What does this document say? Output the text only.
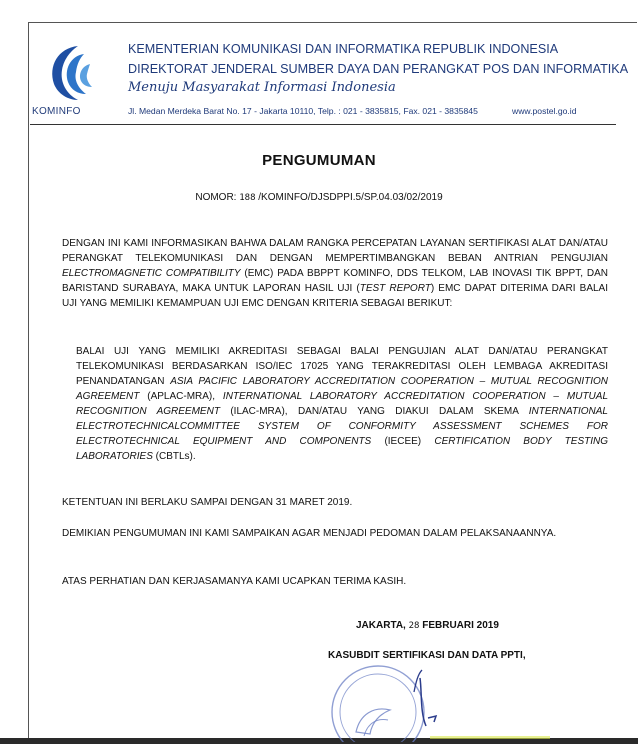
KOMINFO
KEMENTERIAN KOMUNIKASI DAN INFORMATIKA REPUBLIK INDONESIA
DIREKTORAT JENDERAL SUMBER DAYA DAN PERANGKAT POS DAN INFORMATIKA
Menuju Masyarakat Informasi Indonesia
Jl. Medan Merdeka Barat No. 17 - Jakarta 10110, Telp. : 021 - 3835815, Fax. 021 - 3835845	www.postel.go.id
PENGUMUMAN
NOMOR: 188 /KOMINFO/DJSDPPI.5/SP.04.03/02/2019
DENGAN INI KAMI INFORMASIKAN BAHWA DALAM RANGKA PERCEPATAN LAYANAN SERTIFIKASI ALAT DAN/ATAU PERANGKAT TELEKOMUNIKASI DAN DENGAN MEMPERTIMBANGKAN BEBAN ANTRIAN PENGUJIAN ELECTROMAGNETIC COMPATIBILITY (EMC) PADA BBPPT KOMINFO, DDS TELKOM, LAB INOVASI TIK BPPT, DAN BARISTAND SURABAYA, MAKA UNTUK LAPORAN HASIL UJI (TEST REPORT) EMC DAPAT DITERIMA DARI BALAI UJI YANG MEMILIKI KEMAMPUAN UJI EMC DENGAN KRITERIA SEBAGAI BERIKUT:
BALAI UJI YANG MEMILIKI AKREDITASI SEBAGAI BALAI PENGUJIAN ALAT DAN/ATAU PERANGKAT TELEKOMUNIKASI BERDASARKAN ISO/IEC 17025 YANG TERAKREDITASI OLEH LEMBAGA AKREDITASI PENANDATANGAN ASIA PACIFIC LABORATORY ACCREDITATION COOPERATION – MUTUAL RECOGNITION AGREEMENT (APLAC-MRA), INTERNATIONAL LABORATORY ACCREDITATION COOPERATION – MUTUAL RECOGNITION AGREEMENT (ILAC-MRA), DAN/ATAU YANG DIAKUI DALAM SKEMA INTERNATIONAL ELECTROTECHNICALCOMMITTEE SYSTEM OF CONFORMITY ASSESSMENT SCHEMES FOR ELECTROTECHNICAL EQUIPMENT AND COMPONENTS (IECEE) CERTIFICATION BODY TESTING LABORATORIES (CBTLs).
KETENTUAN INI BERLAKU SAMPAI DENGAN 31 MARET 2019.
DEMIKIAN PENGUMUMAN INI KAMI SAMPAIKAN AGAR MENJADI PEDOMAN DALAM PELAKSANAANNYA.
ATAS PERHATIAN DAN KERJASAMANYA KAMI UCAPKAN TERIMA KASIH.
JAKARTA, 28 FEBRUARI 2019
KASUBDIT SERTIFIKASI DAN DATA PPTI,
